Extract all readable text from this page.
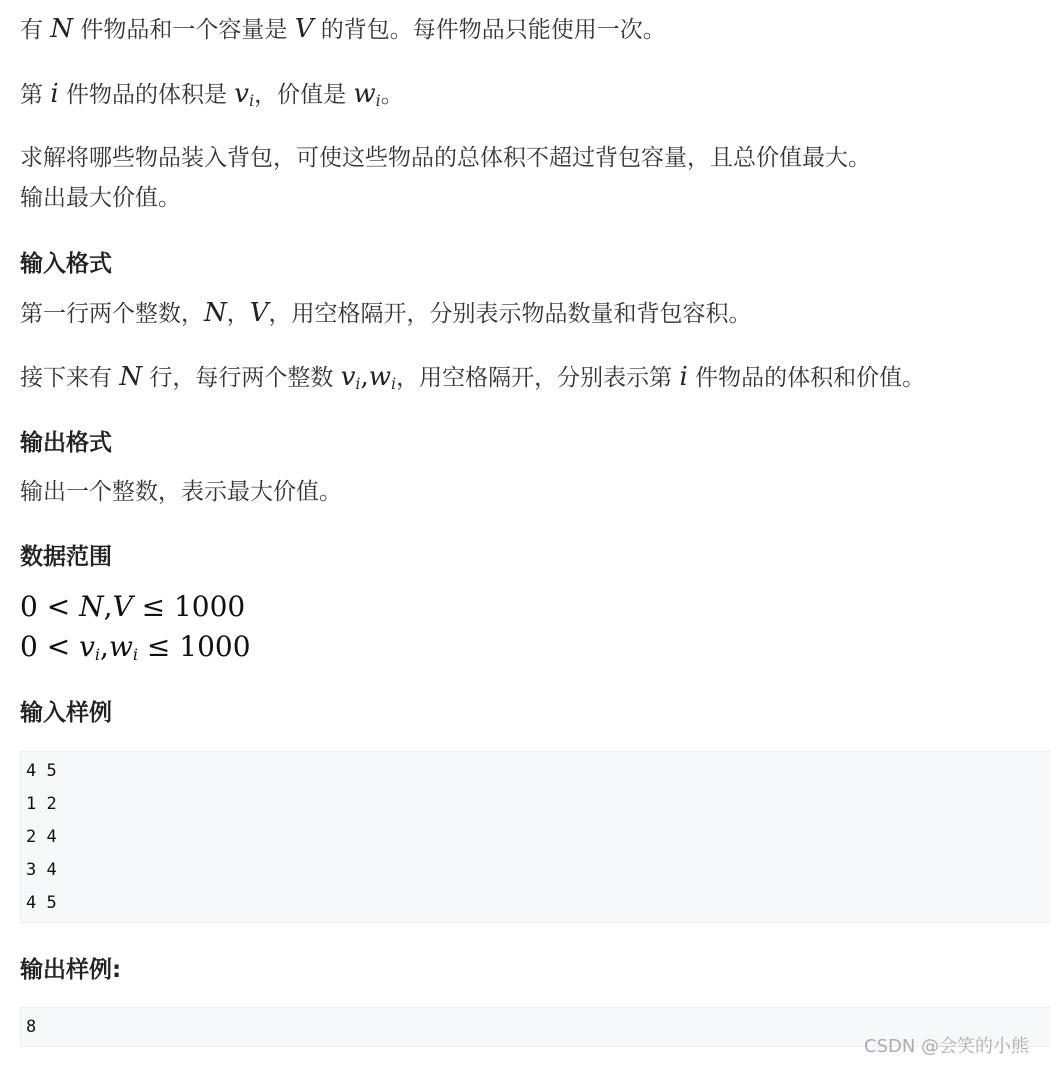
有 N 件物品和一个容量是 V 的背包。每件物品只能使用一次。
第 i 件物品的体积是 $v_i$，价值是 $w_i$。
求解将哪些物品装入背包，可使这些物品的总体积不超过背包容量，且总价值最大。
输出最大价值。
输入格式
第一行两个整数，N，V，用空格隔开，分别表示物品数量和背包容积。
接下来有 N 行，每行两个整数 $v_i,w_i$，用空格隔开，分别表示第 i 件物品的体积和价值。
输出格式
输出一个整数，表示最大价值。
数据范围
0 < N,V ≤ 1000
$0 < v_i,w_i \le 1000$
输入样例
4 5
1 2
2 4
3 4
4 5
输出样例:
8
CSDN @会笑的小熊
